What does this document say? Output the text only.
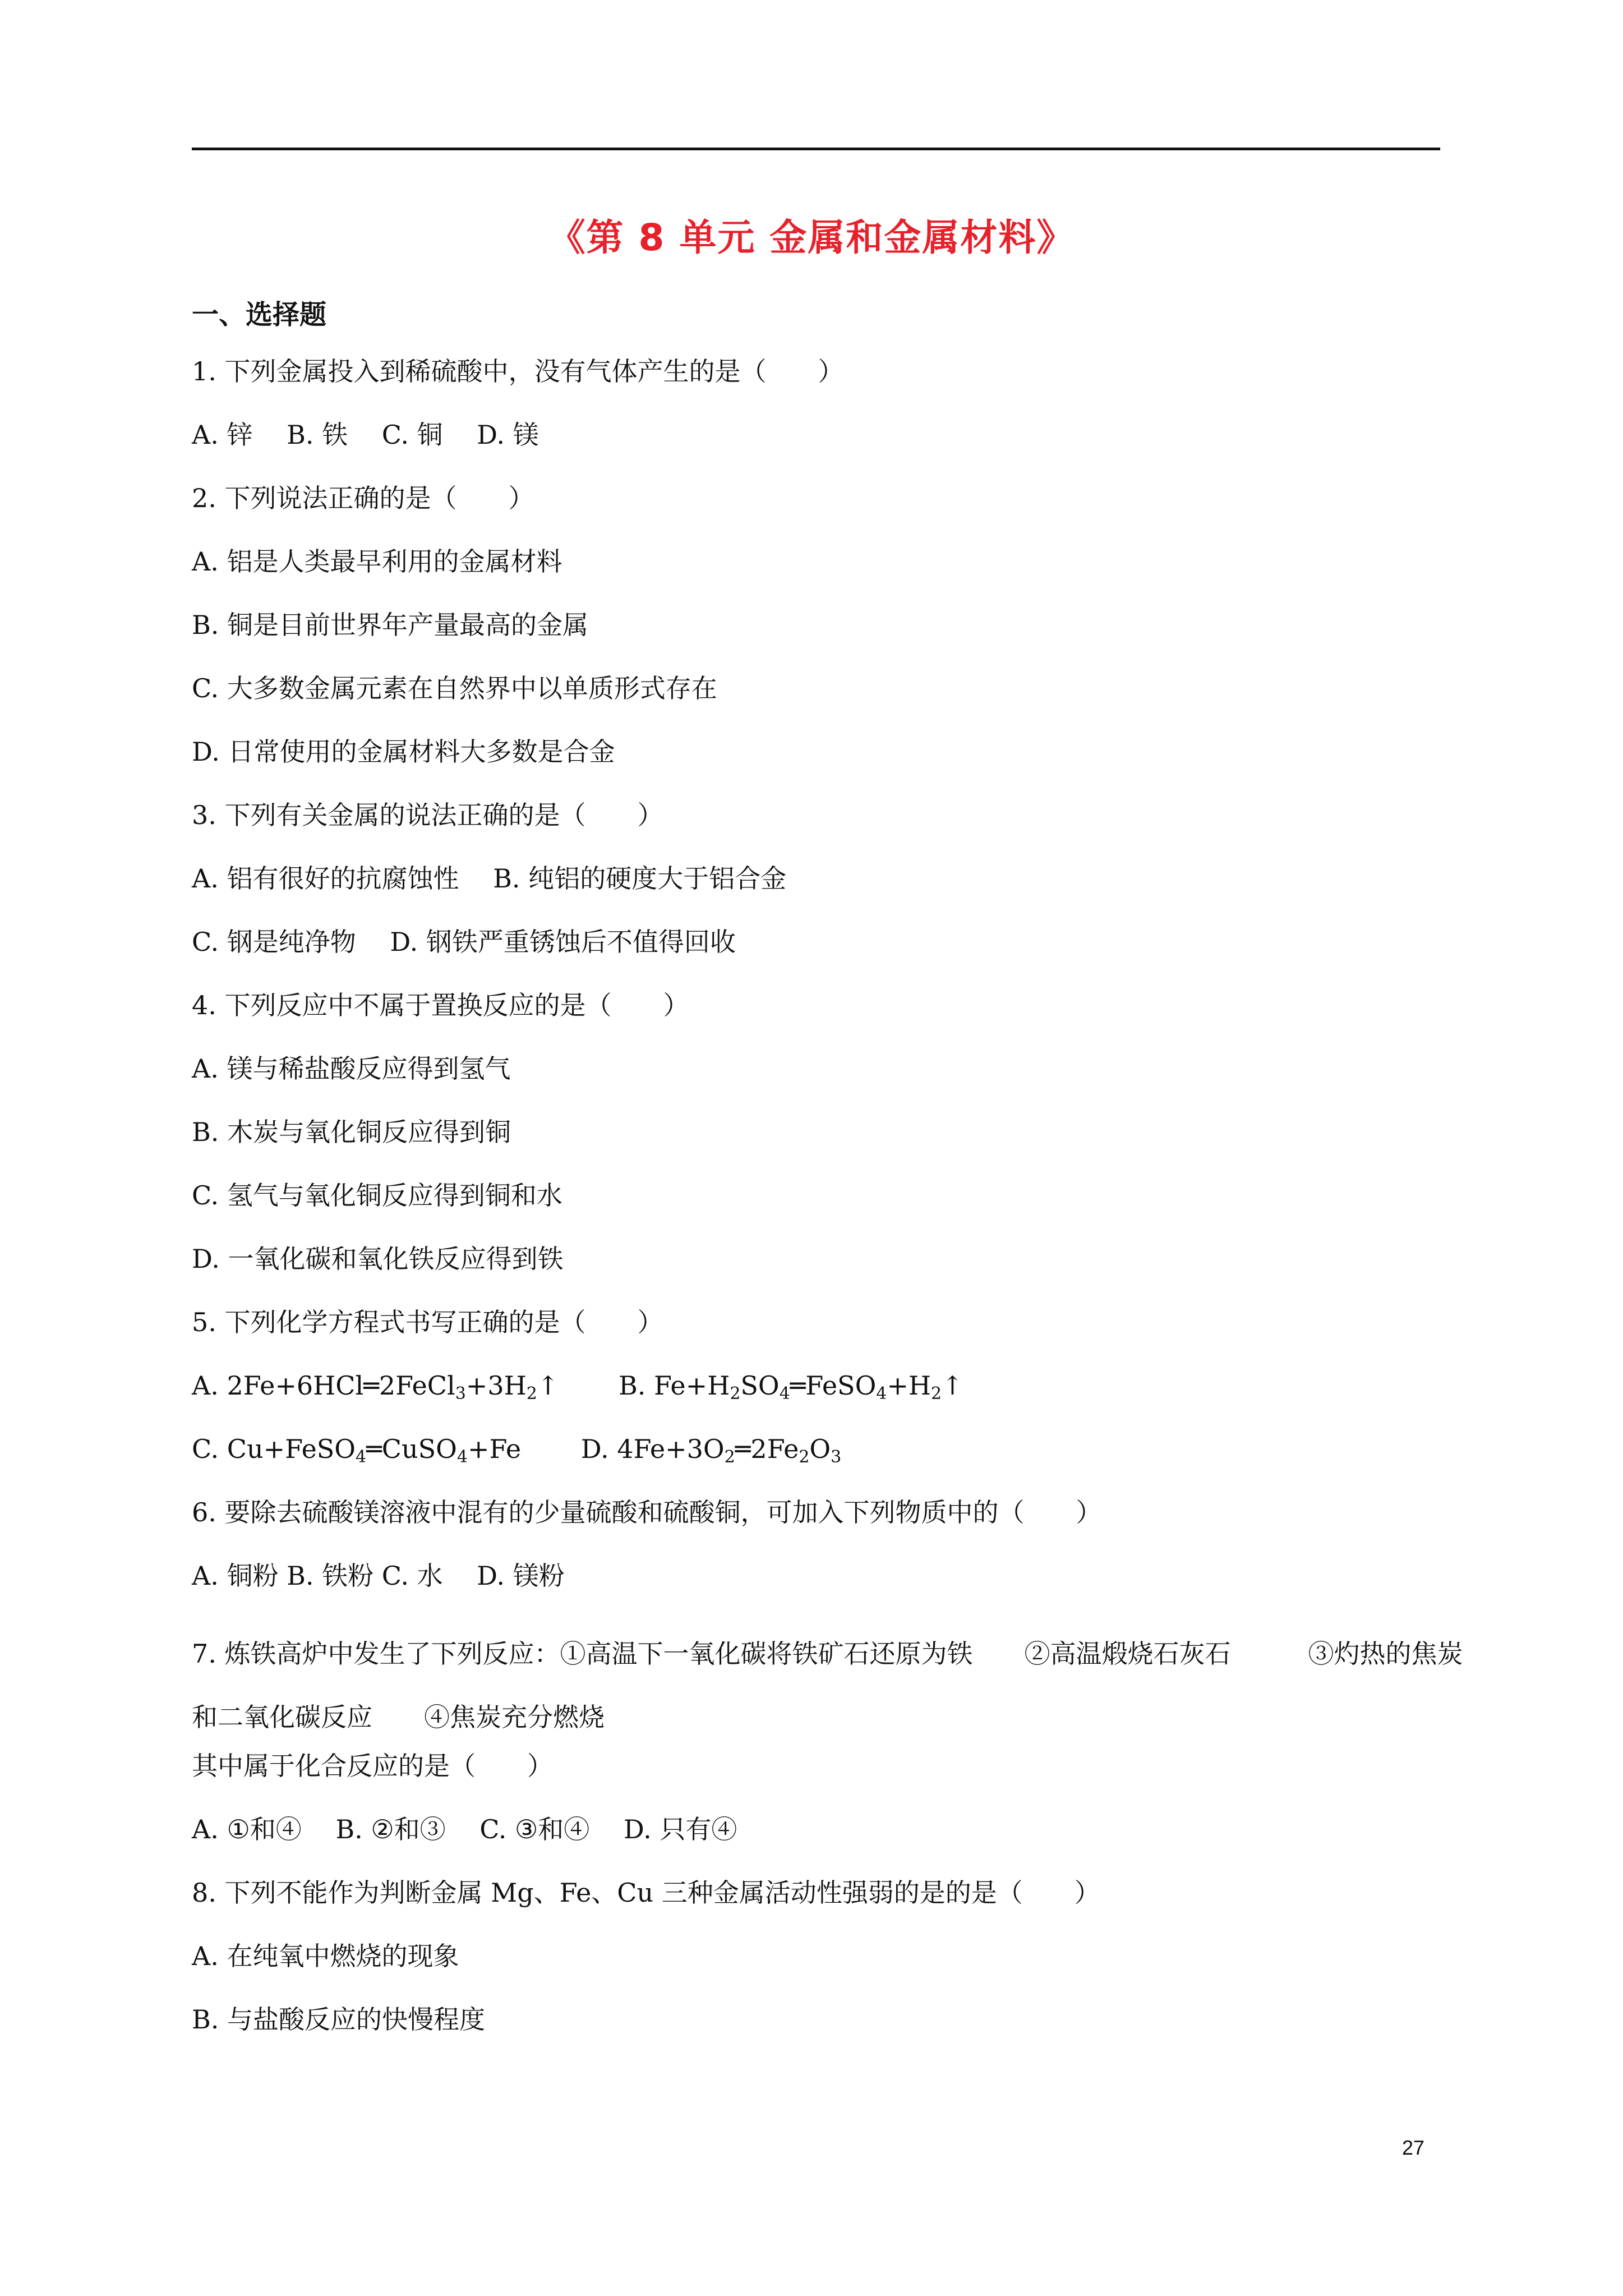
《第 8 单元 金属和金属材料》
一、选择题
1. 下列金属投入到稀硫酸中，没有气体产生的是（　　）
A. 锌　 B. 铁　 C. 铜　 D. 镁
2. 下列说法正确的是（　　）
A. 铝是人类最早利用的金属材料
B. 铜是目前世界年产量最高的金属
C. 大多数金属元素在自然界中以单质形式存在
D. 日常使用的金属材料大多数是合金
3. 下列有关金属的说法正确的是（　　）
A. 铝有很好的抗腐蚀性　 B. 纯铝的硬度大于铝合金
C. 钢是纯净物　 D. 钢铁严重锈蚀后不值得回收
4. 下列反应中不属于置换反应的是（　　）
A. 镁与稀盐酸反应得到氢气
B. 木炭与氧化铜反应得到铜
C. 氢气与氧化铜反应得到铜和水
D. 一氧化碳和氧化铁反应得到铁
5. 下列化学方程式书写正确的是（　　）
A. $2Fe+6HCl═2FeCl_3+3H_2↑$　　 B. $Fe+H_2SO_4═FeSO_4+H_2↑$
C. Cu+FeSO$_4$═CuSO$_4$+Fe　　 D. $4Fe+3O_2═2Fe_2O_3$
6. 要除去硫酸镁溶液中混有的少量硫酸和硫酸铜，可加入下列物质中的（　　）
A. 铜粉 B. 铁粉 C. 水　 D. 镁粉
7. 炼铁高炉中发生了下列反应：①高温下一氧化碳将铁矿石还原为铁　　②高温煅烧石灰石　　　③灼热的焦炭和二氧化碳反应　　④焦炭充分燃烧
其中属于化合反应的是（　　）
A. ①和④　 B. ②和③　 C. ③和④　 D. 只有④
8. 下列不能作为判断金属 Mg、Fe、Cu 三种金属活动性强弱的是的是（　　）
A. 在纯氧中燃烧的现象
B. 与盐酸反应的快慢程度
27
